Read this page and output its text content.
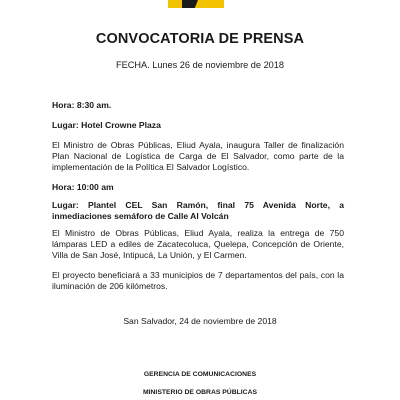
CONVOCATORIA DE PRENSA
FECHA. Lunes 26 de noviembre de 2018
Hora: 8:30 am.
Lugar: Hotel Crowne Plaza
El Ministro de Obras Públicas, Eliud Ayala, inaugura Taller de finalización Plan Nacional de Logística de Carga de El Salvador, como parte de la implementación de la Política El Salvador Logístico.
Hora: 10:00 am
Lugar: Plantel CEL San Ramón, final 75 Avenida Norte, a inmediaciones semáforo de Calle Al Volcán
El Ministro de Obras Públicas, Eliud Ayala, realiza la entrega de 750 lámparas LED a ediles de Zacatecoluca, Quelepa, Concepción de Oriente, Villa de San José, Intipucá, La Unión, y El Carmen.
El proyecto beneficiará a 33 municipios de 7 departamentos del país, con la iluminación de 206 kilómetros.
San Salvador, 24 de noviembre de 2018
GERENCIA DE COMUNICACIONES
MINISTERIO DE OBRAS PÚBLICAS
